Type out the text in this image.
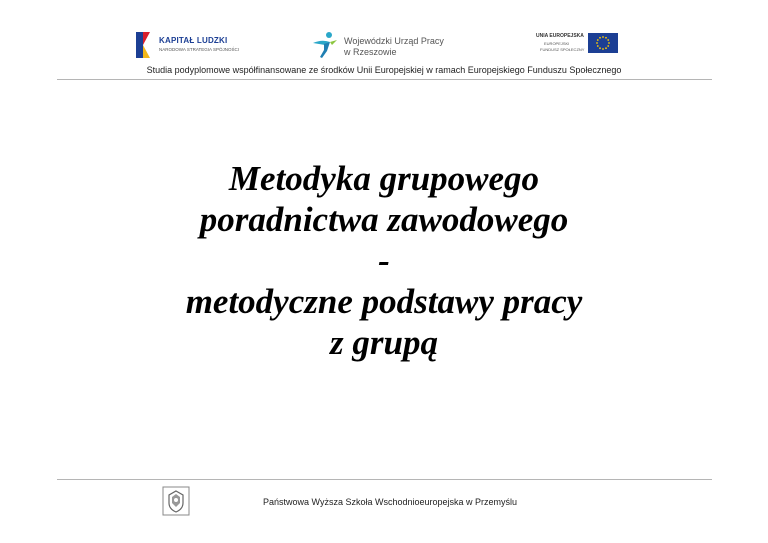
KAPITAŁ LUDZKI
NARODOWA STRATEGIA SPÓJNOŚCI
Wojewódzki Urząd Pracy
w Rzeszowie
UNIA EUROPEJSKA
EUROPEJSKI
FUNDUSZ SPOŁECZNY
Studia podyplomowe współfinansowane ze środków Unii Europejskiej w ramach Europejskiego Funduszu Społecznego
Metodyka grupowego
poradnictwa zawodowego
-
metodyczne podstawy pracy
z grupą
Państwowa Wyższa Szkoła Wschodnioeuropejska w Przemyślu
